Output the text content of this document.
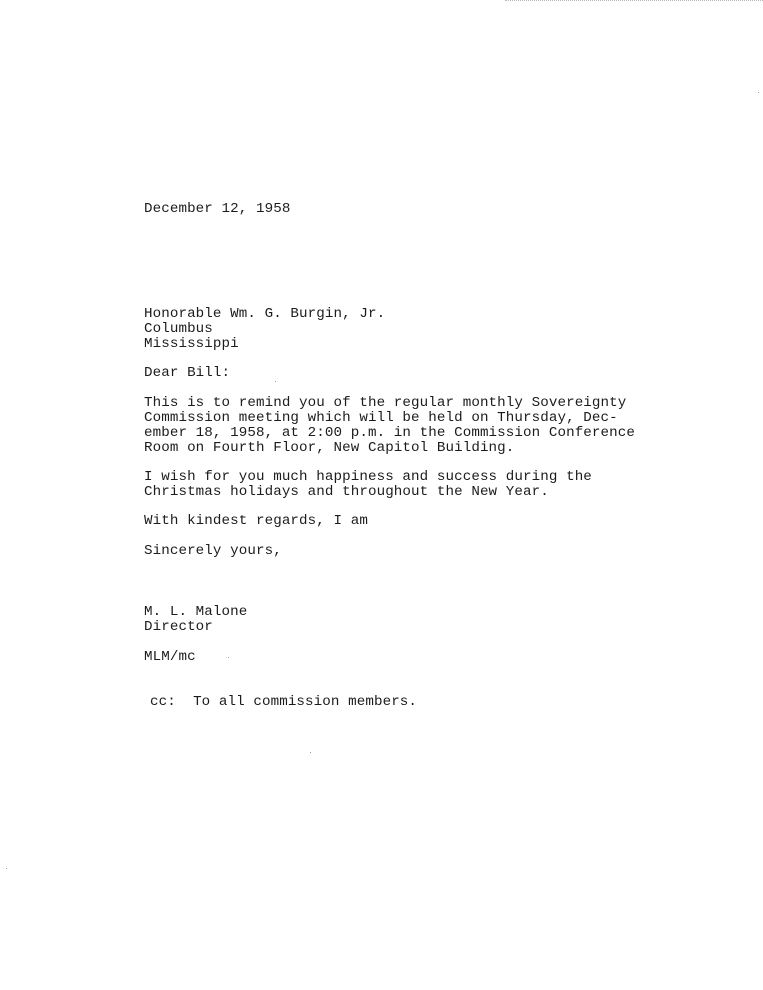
December 12, 1958
Honorable Wm. G. Burgin, Jr.
Columbus
Mississippi
Dear Bill:
This is to remind you of the regular monthly Sovereignty
Commission meeting which will be held on Thursday, Dec-
ember 18, 1958, at 2:00 p.m. in the Commission Conference
Room on Fourth Floor, New Capitol Building.
I wish for you much happiness and success during the
Christmas holidays and throughout the New Year.
With kindest regards, I am
Sincerely yours,
M. L. Malone
Director
MLM/mc
cc:  To all commission members.
